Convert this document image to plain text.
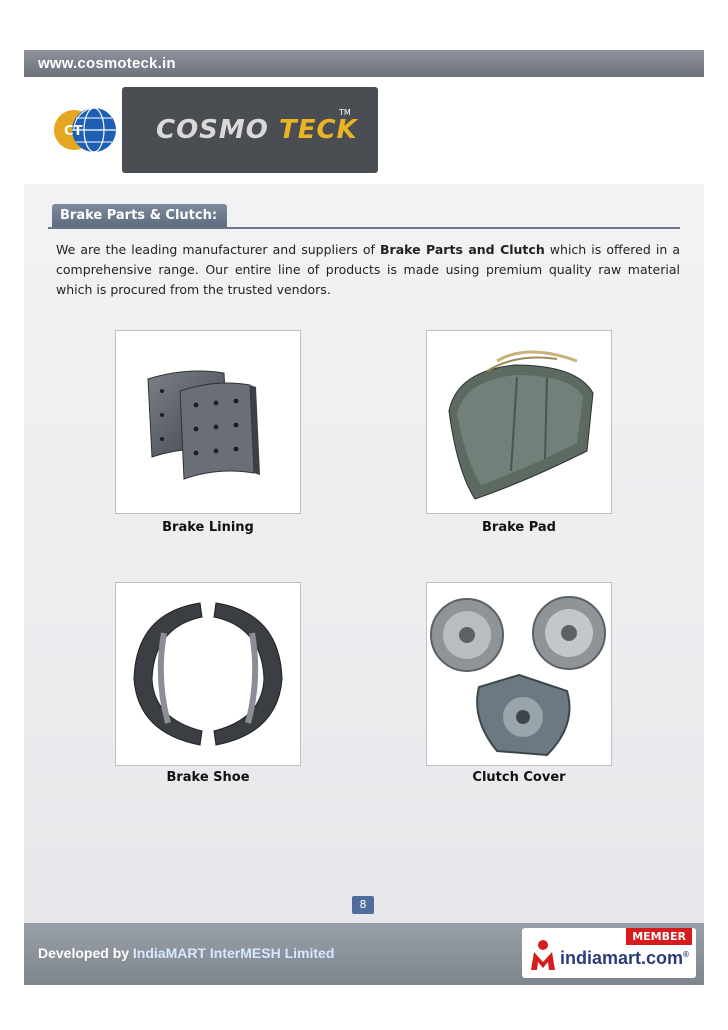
www.cosmoteck.in
CT	COSMO TECK
TM
Brake Parts & Clutch:

We are the leading manufacturer and suppliers of Brake Parts and Clutch which is offered in a comprehensive range. Our entire line of products is made using premium quality raw material which is procured from the trusted vendors.

Brake Lining	Brake Pad
Brake Shoe	Clutch Cover
8
Developed by IndiaMART InterMESH Limited
MEMBER
indiamart.com®
